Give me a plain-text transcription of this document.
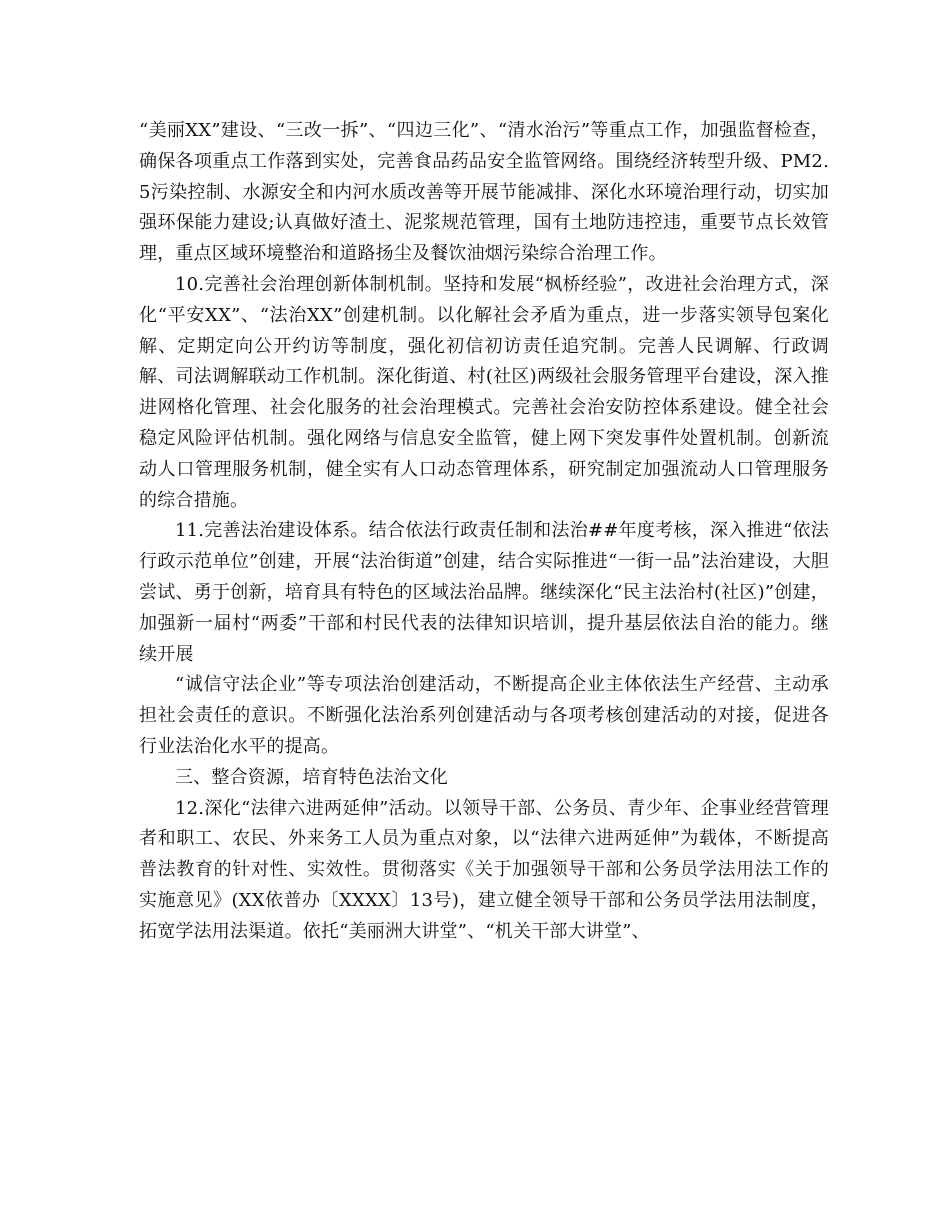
“美丽XX”建设、“三改一拆”、“四边三化”、“清水治污”等重点工作，加强监督检查，确保各项重点工作落到实处，完善食品药品安全监管网络。围绕经济转型升级、PM2.5污染控制、水源安全和内河水质改善等开展节能减排、深化水环境治理行动，切实加强环保能力建设;认真做好渣土、泥浆规范管理，国有土地防违控违，重要节点长效管理，重点区域环境整治和道路扬尘及餐饮油烟污染综合治理工作。

10.完善社会治理创新体制机制。坚持和发展“枫桥经验”，改进社会治理方式，深化“平安XX”、“法治XX”创建机制。以化解社会矛盾为重点，进一步落实领导包案化解、定期定向公开约访等制度，强化初信初访责任追究制。完善人民调解、行政调解、司法调解联动工作机制。深化街道、村(社区)两级社会服务管理平台建设，深入推进网格化管理、社会化服务的社会治理模式。完善社会治安防控体系建设。健全社会稳定风险评估机制。强化网络与信息安全监管，健上网下突发事件处置机制。创新流动人口管理服务机制，健全实有人口动态管理体系，研究制定加强流动人口管理服务的综合措施。

11.完善法治建设体系。结合依法行政责任制和法治##年度考核，深入推进“依法行政示范单位”创建，开展“法治街道”创建，结合实际推进“一街一品”法治建设，大胆尝试、勇于创新，培育具有特色的区域法治品牌。继续深化“民主法治村(社区)”创建，加强新一届村“两委”干部和村民代表的法律知识培训，提升基层依法自治的能力。继续开展

“诚信守法企业”等专项法治创建活动，不断提高企业主体依法生产经营、主动承担社会责任的意识。不断强化法治系列创建活动与各项考核创建活动的对接，促进各行业法治化水平的提高。

三、整合资源，培育特色法治文化

12.深化“法律六进两延伸”活动。以领导干部、公务员、青少年、企事业经营管理者和职工、农民、外来务工人员为重点对象，以“法律六进两延伸”为载体，不断提高普法教育的针对性、实效性。贯彻落实《关于加强领导干部和公务员学法用法工作的实施意见》(XX依普办〔XXXX〕13号)，建立健全领导干部和公务员学法用法制度，拓宽学法用法渠道。依托“美丽洲大讲堂”、“机关干部大讲堂”、
